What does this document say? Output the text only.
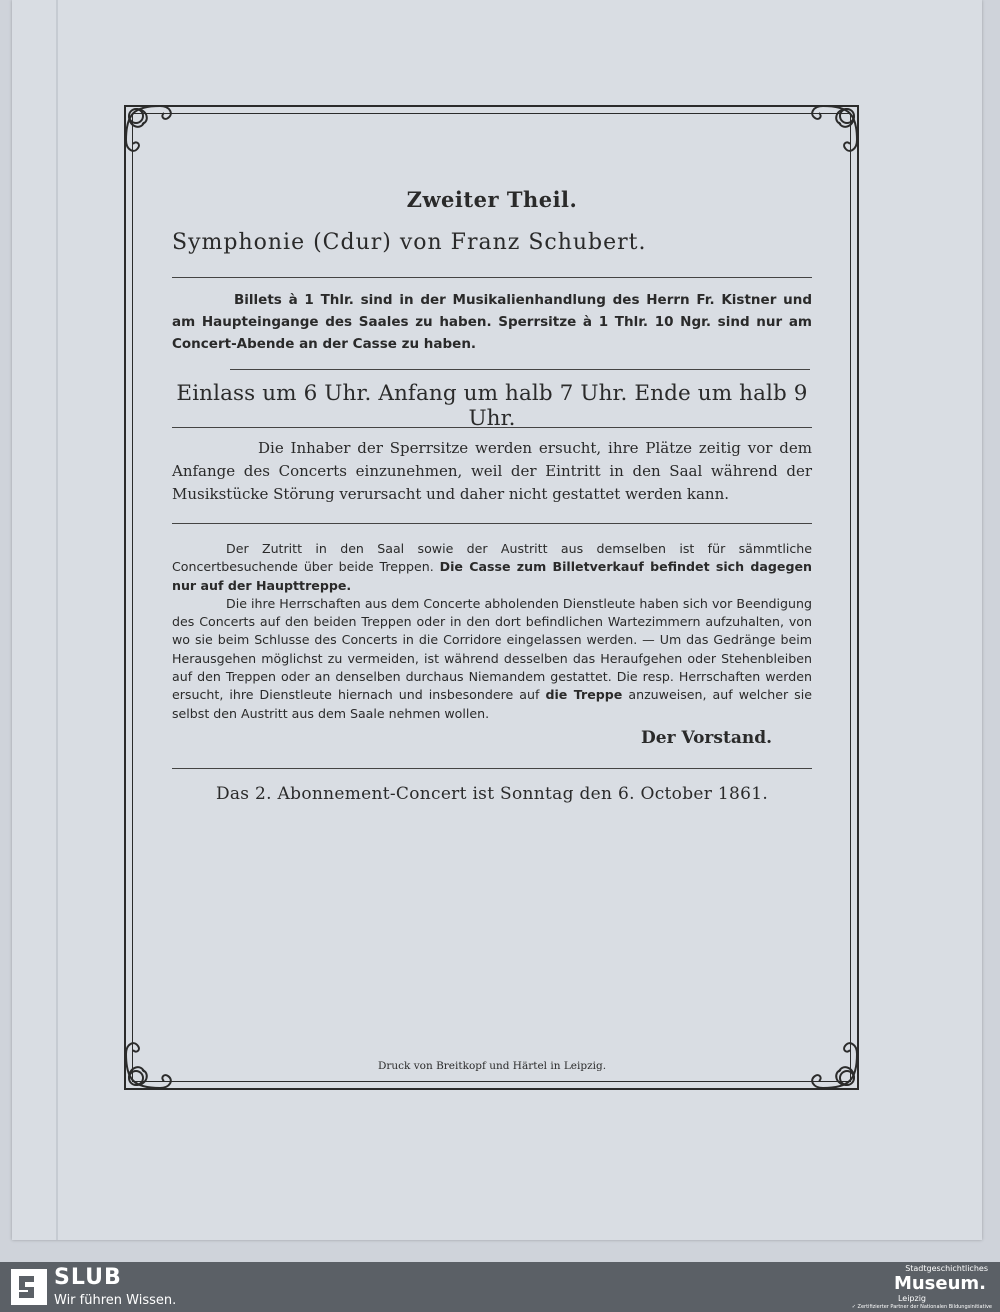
Zweiter Theil.
Symphonie (Cdur) von Franz Schubert.
Billets à 1 Thlr. sind in der Musikalienhandlung des Herrn Fr. Kistner und am Haupteingange des Saales zu haben. Sperrsitze à 1 Thlr. 10 Ngr. sind nur am Concert-Abende an der Casse zu haben.
Einlass um 6 Uhr. Anfang um halb 7 Uhr. Ende um halb 9 Uhr.
Die Inhaber der Sperrsitze werden ersucht, ihre Plätze zeitig vor dem Anfange des Concerts einzunehmen, weil der Eintritt in den Saal während der Musikstücke Störung verursacht und daher nicht gestattet werden kann.

Der Zutritt in den Saal sowie der Austritt aus demselben ist für sämmtliche Concertbesuchende über beide Treppen. Die Casse zum Billetverkauf befindet sich dagegen nur auf der Haupttreppe.

Die ihre Herrschaften aus dem Concerte abholenden Dienstleute haben sich vor Beendigung des Concerts auf den beiden Treppen oder in den dort befindlichen Wartezimmern aufzuhalten, von wo sie beim Schlusse des Concerts in die Corridore eingelassen werden. — Um das Gedränge beim Herausgehen möglichst zu vermeiden, ist während desselben das Heraufgehen oder Stehenbleiben auf den Treppen oder an denselben durchaus Niemandem gestattet. Die resp. Herrschaften werden ersucht, ihre Dienstleute hiernach und insbesondere auf die Treppe anzuweisen, auf welcher sie selbst den Austritt aus dem Saale nehmen wollen.

Der Vorstand.
Das 2. Abonnement-Concert ist Sonntag den 6. October 1861.
Druck von Breitkopf und Härtel in Leipzig.
SLUB
Wir führen Wissen.
Stadtgeschichtliches
Museum.
Leipzig
✓ Zertifizierter Partner der Nationalen Bildungsinitiative
